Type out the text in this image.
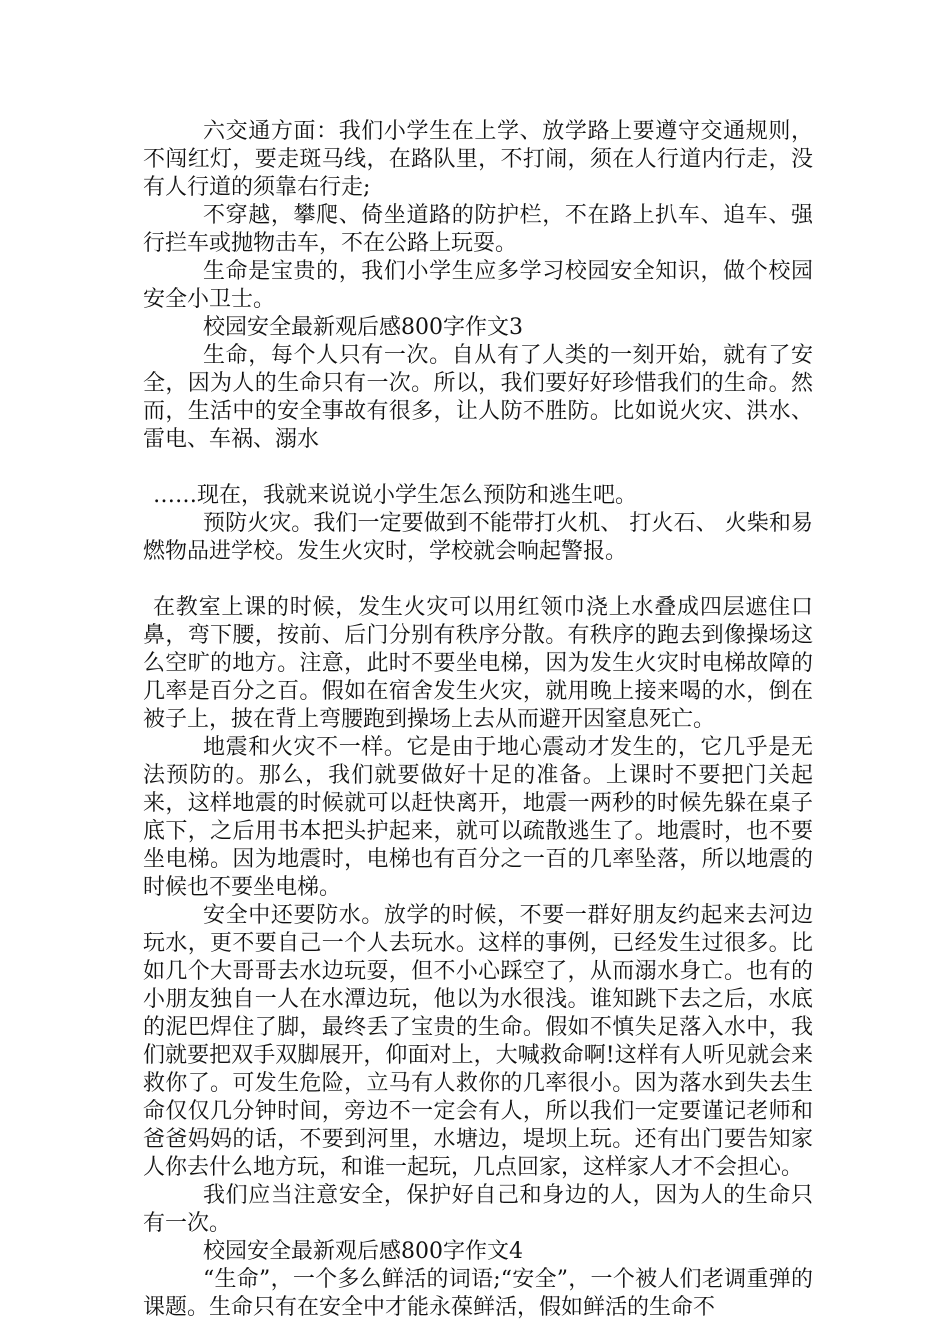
六交通方面：我们小学生在上学、放学路上要遵守交通规则，不闯红灯，要走斑马线，在路队里，不打闹，须在人行道内行走，没有人行道的须靠右行走;

不穿越，攀爬、倚坐道路的防护栏，不在路上扒车、追车、强行拦车或抛物击车，不在公路上玩耍。

生命是宝贵的，我们小学生应多学习校园安全知识，做个校园安全小卫士。

校园安全最新观后感800字作文3

生命，每个人只有一次。自从有了人类的一刻开始，就有了安全，因为人的生命只有一次。所以，我们要好好珍惜我们的生命。然而，生活中的安全事故有很多，让人防不胜防。比如说火灾、洪水、雷电、车祸、溺水

……现在，我就来说说小学生怎么预防和逃生吧。

预防火灾。我们一定要做到不能带打火机、 打火石、 火柴和易燃物品进学校。发生火灾时，学校就会响起警报。

在教室上课的时候，发生火灾可以用红领巾浇上水叠成四层遮住口鼻，弯下腰，按前、后门分别有秩序分散。有秩序的跑去到像操场这么空旷的地方。注意，此时不要坐电梯，因为发生火灾时电梯故障的几率是百分之百。假如在宿舍发生火灾，就用晚上接来喝的水，倒在被子上，披在背上弯腰跑到操场上去从而避开因窒息死亡。

地震和火灾不一样。它是由于地心震动才发生的，它几乎是无法预防的。那么，我们就要做好十足的准备。上课时不要把门关起来，这样地震的时候就可以赶快离开，地震一两秒的时候先躲在桌子底下，之后用书本把头护起来，就可以疏散逃生了。地震时，也不要坐电梯。因为地震时，电梯也有百分之一百的几率坠落，所以地震的时候也不要坐电梯。

安全中还要防水。放学的时候，不要一群好朋友约起来去河边玩水，更不要自己一个人去玩水。这样的事例，已经发生过很多。比如几个大哥哥去水边玩耍，但不小心踩空了，从而溺水身亡。也有的小朋友独自一人在水潭边玩，他以为水很浅。谁知跳下去之后，水底的泥巴焊住了脚，最终丢了宝贵的生命。假如不慎失足落入水中，我们就要把双手双脚展开，仰面对上，大喊救命啊!这样有人听见就会来救你了。可发生危险，立马有人救你的几率很小。因为落水到失去生命仅仅几分钟时间，旁边不一定会有人，所以我们一定要谨记老师和爸爸妈妈的话，不要到河里，水塘边，堤坝上玩。还有出门要告知家人你去什么地方玩，和谁一起玩，几点回家，这样家人才不会担心。

我们应当注意安全，保护好自己和身边的人，因为人的生命只有一次。

校园安全最新观后感800字作文4

“生命”，一个多么鲜活的词语;“安全”，一个被人们老调重弹的课题。生命只有在安全中才能永葆鲜活，假如鲜活的生命不
